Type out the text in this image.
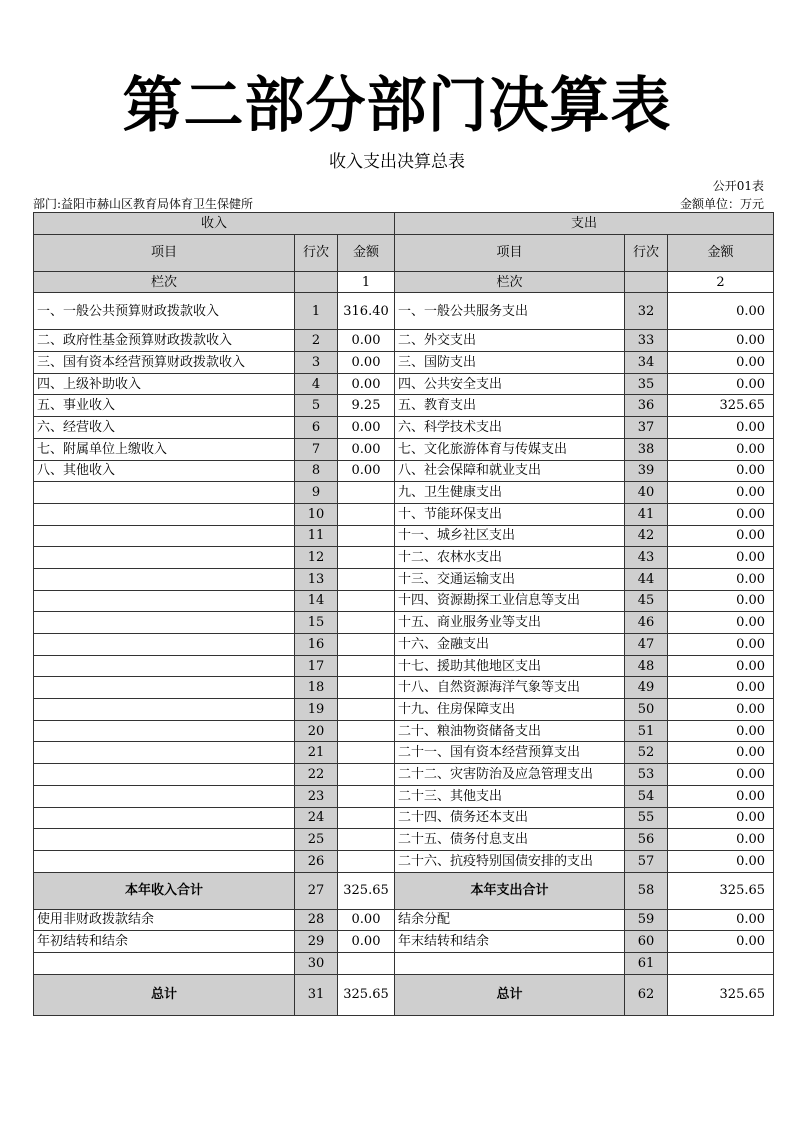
第二部分部门决算表
收入支出决算总表
公开01表
部门:益阳市赫山区教育局体育卫生保健所	金额单位：万元
收入			支出		
项目	行次	金额	项目	行次	金额
栏次		1	栏次		2
一、一般公共预算财政拨款收入	1	316.40	一、一般公共服务支出	32	0.00
二、政府性基金预算财政拨款收入	2	0.00	二、外交支出	33	0.00
三、国有资本经营预算财政拨款收入	3	0.00	三、国防支出	34	0.00
四、上级补助收入	4	0.00	四、公共安全支出	35	0.00
五、事业收入	5	9.25	五、教育支出	36	325.65
六、经营收入	6	0.00	六、科学技术支出	37	0.00
七、附属单位上缴收入	7	0.00	七、文化旅游体育与传媒支出	38	0.00
八、其他收入	8	0.00	八、社会保障和就业支出	39	0.00
	9		九、卫生健康支出	40	0.00
	10		十、节能环保支出	41	0.00
	11		十一、城乡社区支出	42	0.00
	12		十二、农林水支出	43	0.00
	13		十三、交通运输支出	44	0.00
	14		十四、资源勘探工业信息等支出	45	0.00
	15		十五、商业服务业等支出	46	0.00
	16		十六、金融支出	47	0.00
	17		十七、援助其他地区支出	48	0.00
	18		十八、自然资源海洋气象等支出	49	0.00
	19		十九、住房保障支出	50	0.00
	20		二十、粮油物资储备支出	51	0.00
	21		二十一、国有资本经营预算支出	52	0.00
	22		二十二、灾害防治及应急管理支出	53	0.00
	23		二十三、其他支出	54	0.00
	24		二十四、债务还本支出	55	0.00
	25		二十五、债务付息支出	56	0.00
	26		二十六、抗疫特别国债安排的支出	57	0.00
本年收入合计	27	325.65	本年支出合计	58	325.65
使用非财政拨款结余	28	0.00	结余分配	59	0.00
年初结转和结余	29	0.00	年末结转和结余	60	0.00
	30			61	
总计	31	325.65	总计	62	325.65
